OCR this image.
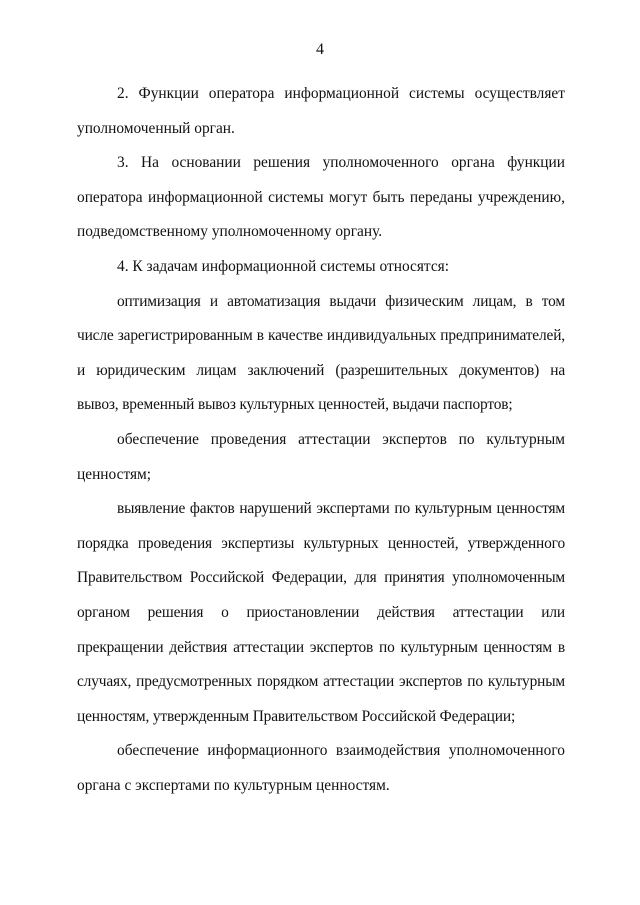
4

2. Функции оператора информационной системы осуществляет уполномоченный орган.

3. На основании решения уполномоченного органа функции оператора информационной системы могут быть переданы учреждению, подведомственному уполномоченному органу.

4. К задачам информационной системы относятся:

оптимизация и автоматизация выдачи физическим лицам, в том числе зарегистрированным в качестве индивидуальных предпринимателей, и юридическим лицам заключений (разрешительных документов) на вывоз, временный вывоз культурных ценностей, выдачи паспортов;

обеспечение проведения аттестации экспертов по культурным ценностям;

выявление фактов нарушений экспертами по культурным ценностям порядка проведения экспертизы культурных ценностей, утвержденного Правительством Российской Федерации, для принятия уполномоченным органом решения о приостановлении действия аттестации или прекращении действия аттестации экспертов по культурным ценностям в случаях, предусмотренных порядком аттестации экспертов по культурным ценностям, утвержденным Правительством Российской Федерации;

обеспечение информационного взаимодействия уполномоченного органа с экспертами по культурным ценностям.
